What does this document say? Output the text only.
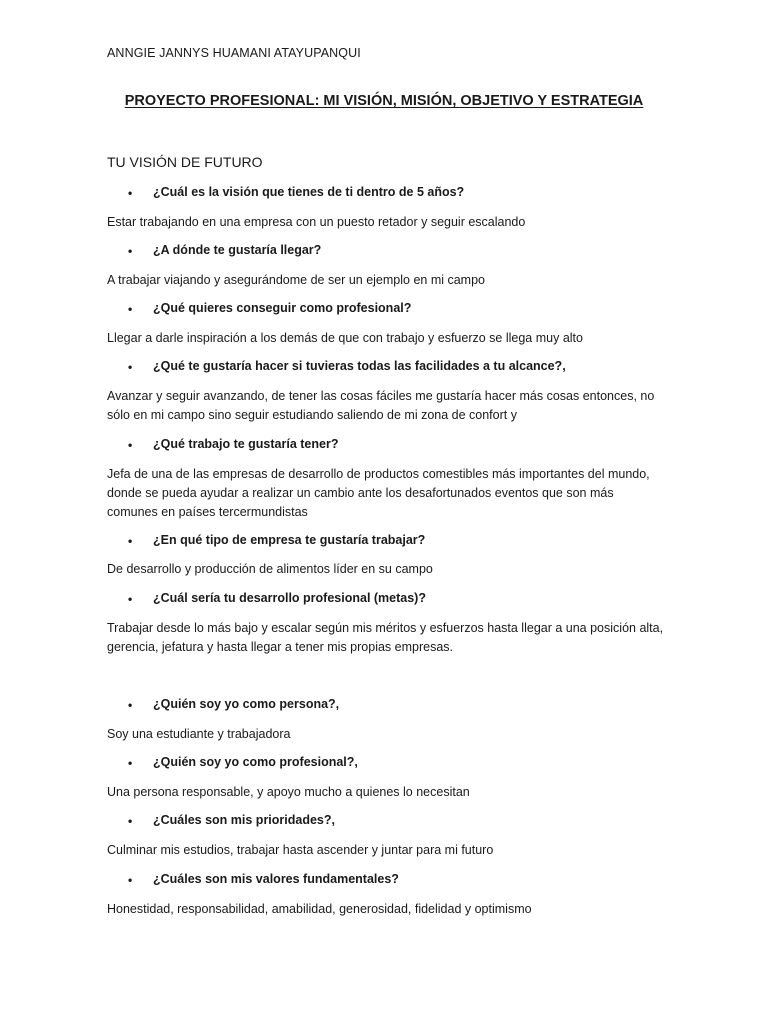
ANNGIE JANNYS HUAMANI ATAYUPANQUI
PROYECTO PROFESIONAL: MI VISIÓN, MISIÓN, OBJETIVO Y ESTRATEGIA
TU VISIÓN DE FUTURO
• ¿Cuál es la visión que tienes de ti dentro de 5 años?
Estar trabajando en una empresa con un puesto retador y seguir escalando
• ¿A dónde te gustaría llegar?
A trabajar viajando y asegurándome de ser un ejemplo en mi campo
• ¿Qué quieres conseguir como profesional?
Llegar a darle inspiración a los demás de que con trabajo y esfuerzo se llega muy alto
• ¿Qué te gustaría hacer si tuvieras todas las facilidades a tu alcance?,
Avanzar y seguir avanzando, de tener las cosas fáciles me gustaría hacer más cosas entonces, no sólo en mi campo sino seguir estudiando saliendo de mi zona de confort y
• ¿Qué trabajo te gustaría tener?
Jefa de una de las empresas de desarrollo de productos comestibles más importantes del mundo, donde se pueda ayudar a realizar un cambio ante los desafortunados eventos que son más comunes en países tercermundistas
• ¿En qué tipo de empresa te gustaría trabajar?
De desarrollo y producción de alimentos líder en su campo
• ¿Cuál sería tu desarrollo profesional (metas)?
Trabajar desde lo más bajo y escalar según mis méritos y esfuerzos hasta llegar a una posición alta, gerencia, jefatura y hasta llegar a tener mis propias empresas.
• ¿Quién soy yo como persona?,
Soy una estudiante y trabajadora
• ¿Quién soy yo como profesional?,
Una persona responsable, y apoyo mucho a quienes lo necesitan
• ¿Cuáles son mis prioridades?,
Culminar mis estudios, trabajar hasta ascender y juntar para mi futuro
• ¿Cuáles son mis valores fundamentales?
Honestidad, responsabilidad, amabilidad, generosidad, fidelidad y optimismo
